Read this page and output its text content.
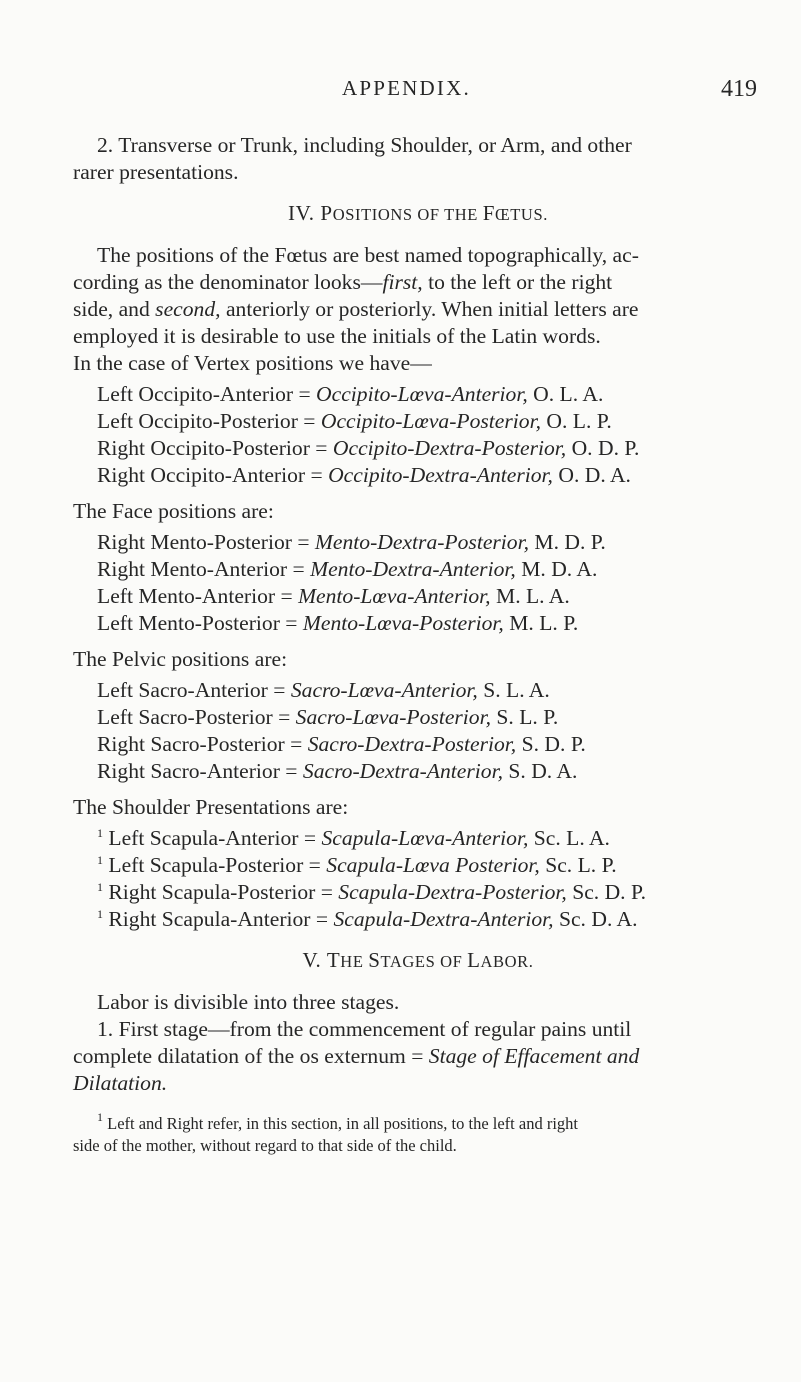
APPENDIX.	419

2. Transverse or Trunk, including Shoulder, or Arm, and other

rarer presentations.

IV. POSITIONS OF THE FŒTUS.

The positions of the Fœtus are best named topographically, ac-

cording as the denominator looks—first, to the left or the right

side, and second, anteriorly or posteriorly. When initial letters are

employed it is desirable to use the initials of the Latin words.

In the case of Vertex positions we have—

Left Occipito-Anterior = Occipito-Lœva-Anterior, O. L. A.

Left Occipito-Posterior = Occipito-Lœva-Posterior, O. L. P.

Right Occipito-Posterior = Occipito-Dextra-Posterior, O. D. P.

Right Occipito-Anterior = Occipito-Dextra-Anterior, O. D. A.

The Face positions are:

Right Mento-Posterior = Mento-Dextra-Posterior, M. D. P.

Right Mento-Anterior = Mento-Dextra-Anterior, M. D. A.

Left Mento-Anterior = Mento-Lœva-Anterior, M. L. A.

Left Mento-Posterior = Mento-Lœva-Posterior, M. L. P.

The Pelvic positions are:

Left Sacro-Anterior = Sacro-Lœva-Anterior, S. L. A.

Left Sacro-Posterior = Sacro-Lœva-Posterior, S. L. P.

Right Sacro-Posterior = Sacro-Dextra-Posterior, S. D. P.

Right Sacro-Anterior = Sacro-Dextra-Anterior, S. D. A.

The Shoulder Presentations are:

$^1$ Left Scapula-Anterior = Scapula-Lœva-Anterior, Sc. L. A.

$^1$ Left Scapula-Posterior = Scapula-Lœva Posterior, Sc. L. P.

$^1$ Right Scapula-Posterior = Scapula-Dextra-Posterior, Sc. D. P.

$^1$ Right Scapula-Anterior = Scapula-Dextra-Anterior, Sc. D. A.

V. THE STAGES OF LABOR.

Labor is divisible into three stages.

1. First stage—from the commencement of regular pains until

complete dilatation of the os externum = Stage of Effacement and

Dilatation.

$^1$ Left and Right refer, in this section, in all positions, to the left and right

side of the mother, without regard to that side of the child.
